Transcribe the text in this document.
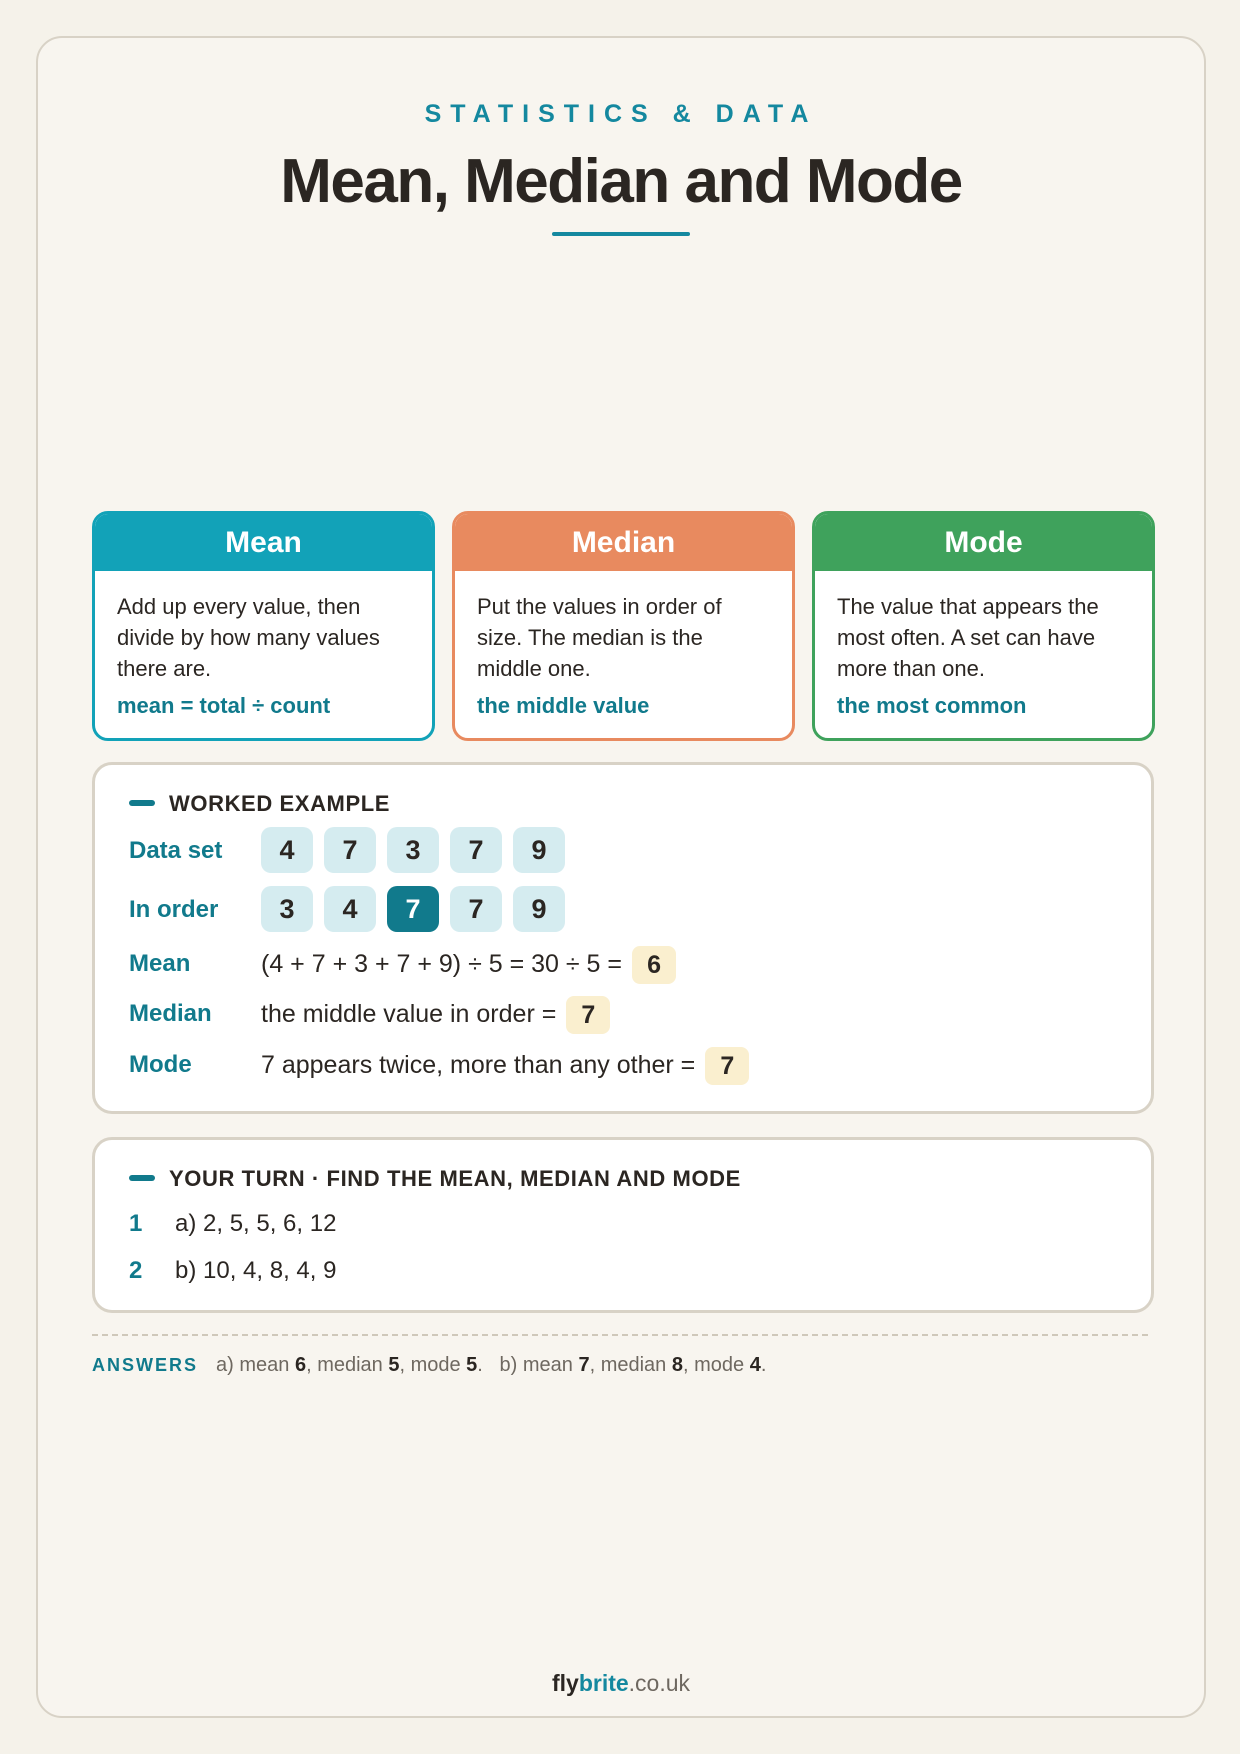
STATISTICS & DATA
Mean, Median and Mode
Mean
Add up every value, then divide by how many values there are.
mean = total ÷ count
Median
Put the values in order of size. The median is the middle one.
the middle value
Mode
The value that appears the most often. A set can have more than one.
the most common
WORKED EXAMPLE
Data set	4	7	3	7	9
In order	3	4	7	7	9
Mean	(4 + 7 + 3 + 7 + 9) ÷ 5 = 30 ÷ 5 = 6
Median	the middle value in order = 7
Mode	7 appears twice, more than any other = 7
YOUR TURN · FIND THE MEAN, MEDIAN AND MODE
1 a) 2, 5, 5, 6, 12
2 b) 10, 4, 8, 4, 9
ANSWERS a) mean 6, median 5, mode 5. b) mean 7, median 8, mode 4.
flybrite.co.uk
